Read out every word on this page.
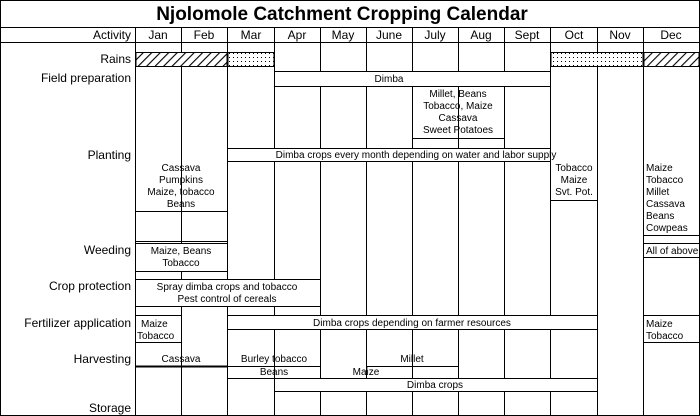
Njolomole Catchment Cropping Calendar
Activity Jan Feb Mar Apr May June July Aug Sept Oct Nov Dec
Rains
Field preparation
Planting
Weeding
Crop protection
Fertilizer application
Harvesting
Storage
Dimba
Millet, Beans
Tobacco, Maize
Cassava
Sweet Potatoes
Dimba crops every month depending on water and labor supply
Cassava
Pumpkins
Maize, tobacco
Beans
Tobacco
Maize
Svt. Pot.
Maize
Tobacco
Millet
Cassava
Beans
Cowpeas
Maize, Beans
Tobacco
All of above
Spray dimba crops and tobacco
Pest control of cereals
Maize
Tobacco
Dimba crops depending on farmer resources	Maize
Tobacco
Cassava	Burley tobacco
Beans
Millet
Maize
Dimba crops
